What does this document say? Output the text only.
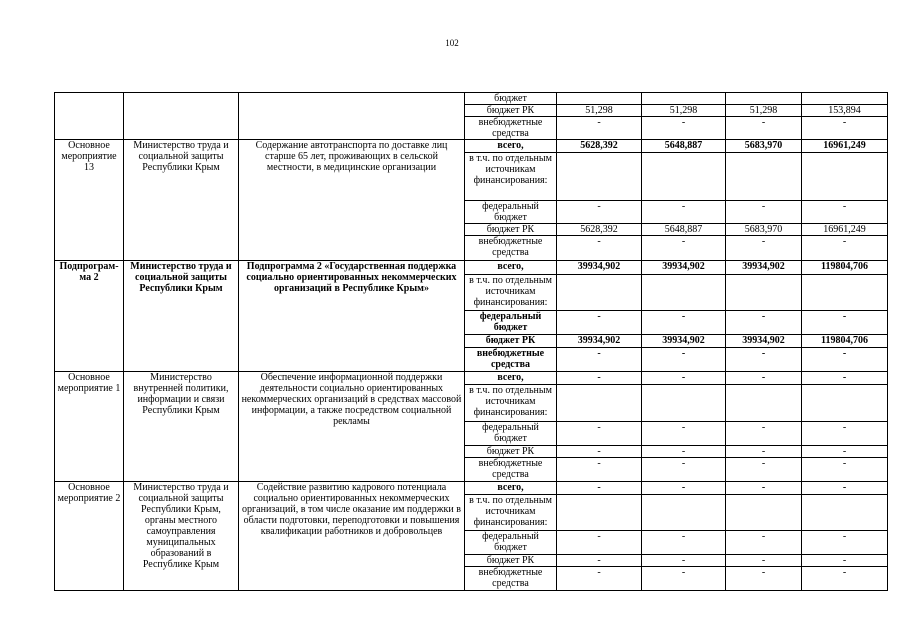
102
			бюджет				
			бюджет РК	51,298	51,298	51,298	153,894
			внебюджетные средства	-	-	-	-
Основное мероприятие 13	Министерство труда и социальной защиты Республики Крым	Содержание автотранспорта по доставке лиц старше 65 лет, проживающих в сельской местности, в медицинские организации	всего,	5628,392	5648,887	5683,970	16961,249
			в т.ч. по отдельным источникам финансирования:				
			федеральный бюджет	-	-	-	-
			бюджет РК	5628,392	5648,887	5683,970	16961,249
			внебюджетные средства	-	-	-	-
Подпрограм-ма 2	Министерство труда и социальной защиты Республики Крым	Подпрограмма 2 «Государственная поддержка социально ориентированных некоммерческих организаций в Республике Крым»	всего,	39934,902	39934,902	39934,902	119804,706
			в т.ч. по отдельным источникам финансирования:				
			федеральный бюджет	-	-	-	-
			бюджет РК	39934,902	39934,902	39934,902	119804,706
			внебюджетные средства	-	-	-	-
Основное мероприятие 1	Министерство внутренней политики, информации и связи Республики Крым	Обеспечение информационной поддержки деятельности социально ориентированных некоммерческих организаций в средствах массовой информации, а также посредством социальной рекламы	всего,	-	-	-	-
			в т.ч. по отдельным источникам финансирования:				
			федеральный бюджет	-	-	-	-
			бюджет РК	-	-	-	-
			внебюджетные средства	-	-	-	-
Основное мероприятие 2	Министерство труда и социальной защиты Республики Крым, органы местного самоуправления муниципальных образований в Республике Крым	Содействие развитию кадрового потенциала социально ориентированных некоммерческих организаций, в том числе оказание им поддержки в области подготовки, переподготовки и повышения квалификации работников и добровольцев	всего,	-	-	-	-
			в т.ч. по отдельным источникам финансирования:				
			федеральный бюджет	-	-	-	-
			бюджет РК	-	-	-	-
			внебюджетные средства	-	-	-	-
